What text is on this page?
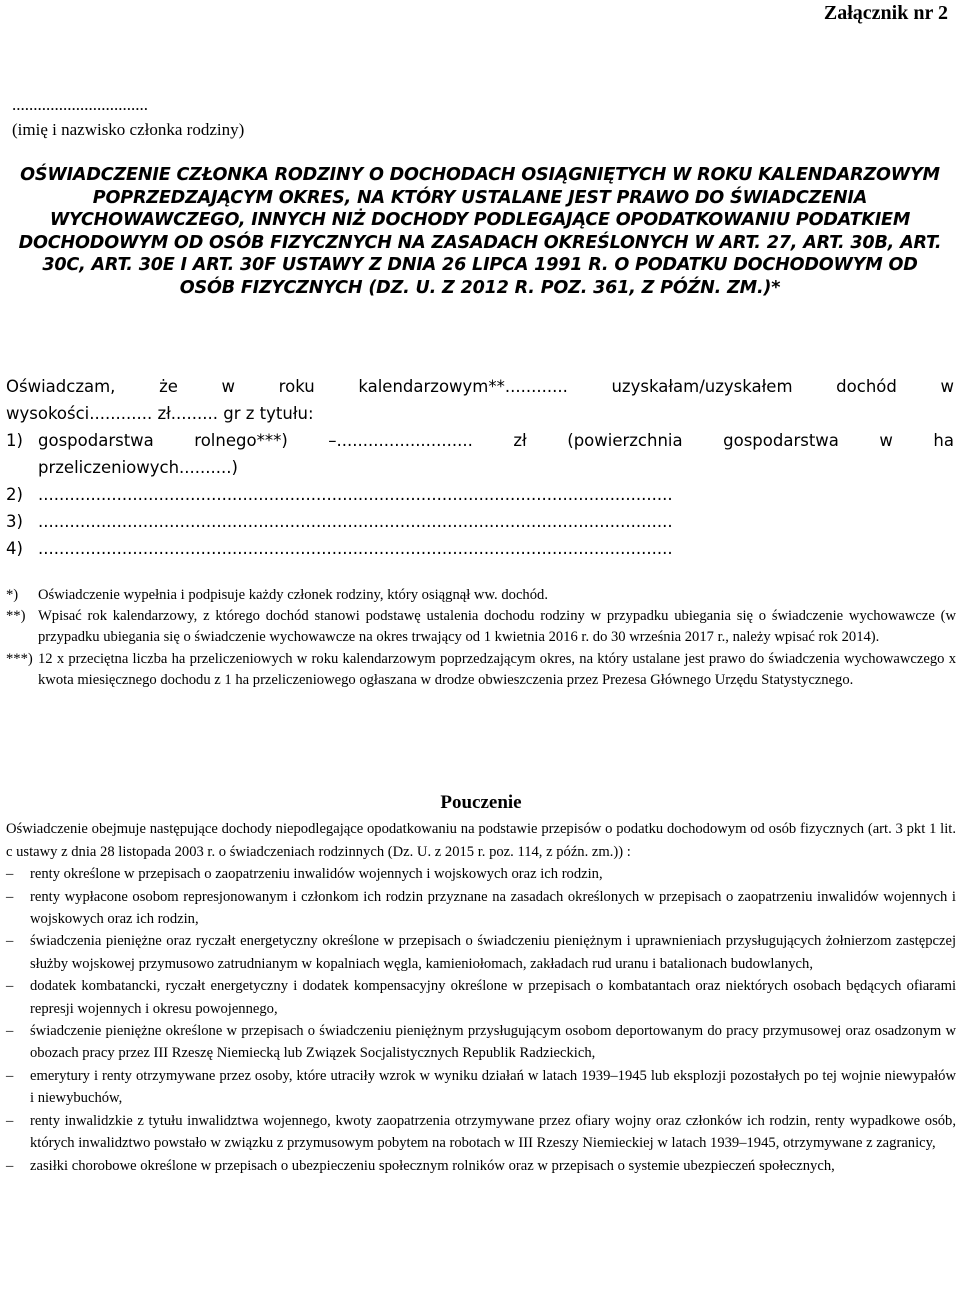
Załącznik nr 2
................................
(imię i nazwisko członka rodziny)
OŚWIADCZENIE CZŁONKA RODZINY O DOCHODACH OSIĄGNIĘTYCH W ROKU KALENDARZOWYM POPRZEDZAJĄCYM OKRES, NA KTÓRY USTALANE JEST PRAWO DO ŚWIADCZENIA WYCHOWAWCZEGO, INNYCH NIŻ DOCHODY PODLEGAJĄCE OPODATKOWANIU PODATKIEM DOCHODOWYM OD OSÓB FIZYCZNYCH NA ZASADACH OKREŚLONYCH W ART. 27, ART. 30B, ART. 30C, ART. 30E I ART. 30F USTAWY Z DNIA 26 LIPCA 1991 R. O PODATKU DOCHODOWYM OD OSÓB FIZYCZNYCH (DZ. U. Z 2012 R. POZ. 361, Z PÓŹN. ZM.)*
Oświadczam, że w roku kalendarzowym**............ uzyskałam/uzyskałem dochód w
wysokości............ zł......... gr z tytułu:
1) gospodarstwa rolnego***) –.......................... zł (powierzchnia gospodarstwa w ha
przeliczeniowych..........)
2) .........................................................................................................................
3) .........................................................................................................................
4) .........................................................................................................................
*)	Oświadczenie wypełnia i podpisuje każdy członek rodziny, który osiągnął ww. dochód.
**) Wpisać rok kalendarzowy, z którego dochód stanowi podstawę ustalenia dochodu rodziny w przypadku ubiegania się o świadczenie wychowawcze (w przypadku ubiegania się o świadczenie wychowawcze na okres trwający od 1 kwietnia 2016 r. do 30 września 2017 r., należy wpisać rok 2014).
***) 12 x przeciętna liczba ha przeliczeniowych w roku kalendarzowym poprzedzającym okres, na który ustalane jest prawo do świadczenia wychowawczego x kwota miesięcznego dochodu z 1 ha przeliczeniowego ogłaszana w drodze obwieszczenia przez Prezesa Głównego Urzędu Statystycznego.
Pouczenie

Oświadczenie obejmuje następujące dochody niepodlegające opodatkowaniu na podstawie przepisów o podatku dochodowym od osób fizycznych (art. 3 pkt 1 lit. c ustawy z dnia 28 listopada 2003 r. o świadczeniach rodzinnych (Dz. U. z 2015 r. poz. 114, z późn. zm.)) :

–	renty określone w przepisach o zaopatrzeniu inwalidów wojennych i wojskowych oraz ich rodzin,
–	renty wypłacone osobom represjonowanym i członkom ich rodzin przyznane na zasadach określonych w przepisach o zaopatrzeniu inwalidów wojennych i wojskowych oraz ich rodzin,
–	świadczenia pieniężne oraz ryczałt energetyczny określone w przepisach o świadczeniu pieniężnym i uprawnieniach przysługujących żołnierzom zastępczej służby wojskowej przymusowo zatrudnianym w kopalniach węgla, kamieniołomach, zakładach rud uranu i batalionach budowlanych,
–	dodatek kombatancki, ryczałt energetyczny i dodatek kompensacyjny określone w przepisach o kombatantach oraz niektórych osobach będących ofiarami represji wojennych i okresu powojennego,
–	świadczenie pieniężne określone w przepisach o świadczeniu pieniężnym przysługującym osobom deportowanym do pracy przymusowej oraz osadzonym w obozach pracy przez III Rzeszę Niemiecką lub Związek Socjalistycznych Republik Radzieckich,
–	emerytury i renty otrzymywane przez osoby, które utraciły wzrok w wyniku działań w latach 1939–1945 lub eksplozji pozostałych po tej wojnie niewypałów i niewybuchów,
–	renty inwalidzkie z tytułu inwalidztwa wojennego, kwoty zaopatrzenia otrzymywane przez ofiary wojny oraz członków ich rodzin, renty wypadkowe osób, których inwalidztwo powstało w związku z przymusowym pobytem na robotach w III Rzeszy Niemieckiej w latach 1939–1945, otrzymywane z zagranicy,
–	zasiłki chorobowe określone w przepisach o ubezpieczeniu społecznym rolników oraz w przepisach o systemie ubezpieczeń społecznych,
